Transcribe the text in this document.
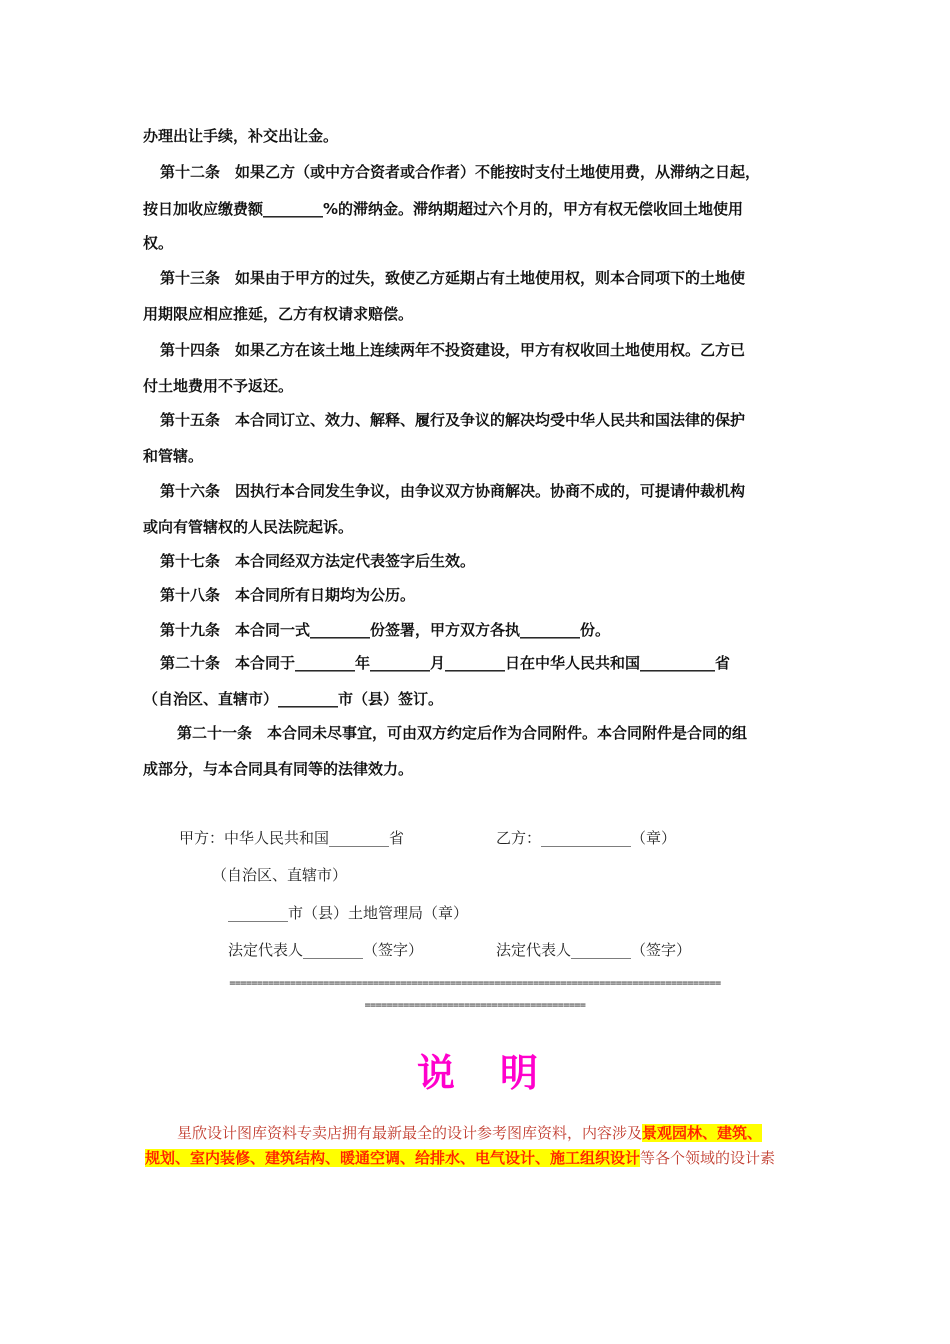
办理出让手续，补交出让金。
第十二条　如果乙方（或中方合资者或合作者）不能按时支付土地使用费，从滞纳之日起，
按日加收应缴费额________%的滞纳金。滞纳期超过六个月的，甲方有权无偿收回土地使用
权。
第十三条　如果由于甲方的过失，致使乙方延期占有土地使用权，则本合同项下的土地使
用期限应相应推延，乙方有权请求赔偿。
第十四条　如果乙方在该土地上连续两年不投资建设，甲方有权收回土地使用权。乙方已
付土地费用不予返还。
第十五条　本合同订立、效力、解释、履行及争议的解决均受中华人民共和国法律的保护
和管辖。
第十六条　因执行本合同发生争议，由争议双方协商解决。协商不成的，可提请仲裁机构
或向有管辖权的人民法院起诉。
第十七条　本合同经双方法定代表签字后生效。
第十八条　本合同所有日期均为公历。
第十九条　本合同一式________份签署，甲方双方各执________份。
第二十条　本合同于________年________月________日在中华人民共和国__________省
（自治区、直辖市）________市（县）签订。
第二十一条　本合同未尽事宜，可由双方约定后作为合同附件。本合同附件是合同的组
成部分，与本合同具有同等的法律效力。
甲方：中华人民共和国________省	乙方：____________（章）
（自治区、直辖市）
________市（县）土地管理局（章）
法定代表人________（签字）	法定代表人________（签字）
=========================================================================================
========================================
说明
星欣设计图库资料专卖店拥有最新最全的设计参考图库资料，内容涉及景观园林、建筑、
规划、室内装修、建筑结构、暖通空调、给排水、电气设计、施工组织设计等各个领域的设计素
